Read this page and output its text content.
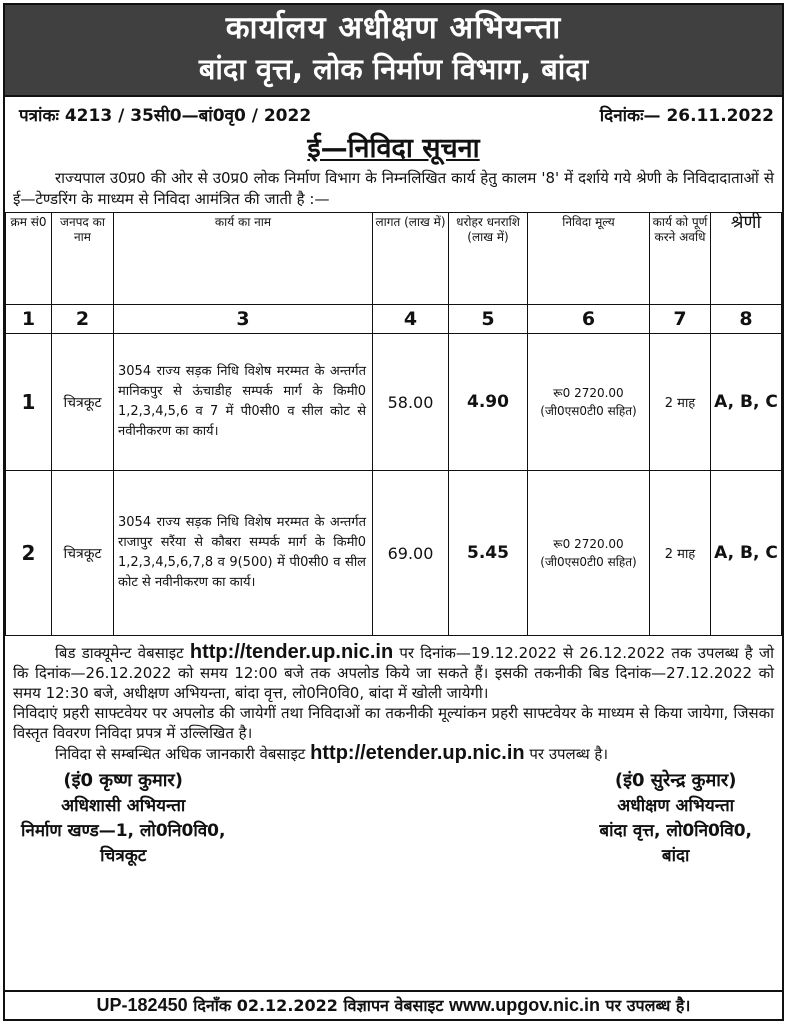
कार्यालय अधीक्षण अभियन्ता
बांदा वृत्त, लोक निर्माण विभाग, बांदा
पत्रांकः 4213 / 35सी0—बां0वृ0 / 2022	दिनांकः— 26.11.2022
ई—निविदा सूचना
राज्यपाल उ0प्र0 की ओर से उ0प्र0 लोक निर्माण विभाग के निम्नलिखित कार्य हेतु कालम '8' में दर्शाये गये श्रेणी के निविदादाताओं से ई—टेण्डरिंग के माध्यम से निविदा आमंत्रित की जाती है :—
क्रम सं0	जनपद का नाम	कार्य का नाम	लागत (लाख में)	धरोहर धनराशि (लाख में)	निविदा मूल्य	कार्य को पूर्ण करने अवधि	श्रेणी
1	2	3	4	5	6	7	8
1	चित्रकूट	3054 राज्य सड़क निधि विशेष मरम्मत के अन्तर्गत मानिकपुर से ऊंचाडीह सम्पर्क मार्ग के किमी0 1,2,3,4,5,6 व 7 में पी0सी0 व सील कोट से नवीनीकरण का कार्य।	58.00	4.90	रू0 2720.00
(जी0एस0टी0 सहित)	2 माह	A, B, C
2	चित्रकूट	3054 राज्य सड़क निधि विशेष मरम्मत के अन्तर्गत राजापुर सरैंया से कौबरा सम्पर्क मार्ग के किमी0 1,2,3,4,5,6,7,8 व 9(500) में पी0सी0 व सील कोट से नवीनीकरण का कार्य।	69.00	5.45	रू0 2720.00
(जी0एस0टी0 सहित)	2 माह	A, B, C

बिड डाक्यूमेन्ट वेबसाइट http://tender.up.nic.in पर दिनांक—19.12.2022 से 26.12.2022 तक उपलब्ध है जो कि दिनांक—26.12.2022 को समय 12:00 बजे तक अपलोड किये जा सकते हैं। इसकी तकनीकी बिड दिनांक—27.12.2022 को समय 12:30 बजे, अधीक्षण अभियन्ता, बांदा वृत्त, लो0नि0वि0, बांदा में खोली जायेगी।

निविदाएं प्रहरी साफ्टवेयर पर अपलोड की जायेगीं तथा निविदाओं का तकनीकी मूल्यांकन प्रहरी साफ्टवेयर के माध्यम से किया जायेगा, जिसका विस्तृत विवरण निविदा प्रपत्र में उल्लिखित है।

निविदा से सम्बन्धित अधिक जानकारी वेबसाइट http://etender.up.nic.in पर उपलब्ध है।

(इं0 कृष्ण कुमार)
अधिशासी अभियन्ता
निर्माण खण्ड—1, लो0नि0वि0,
चित्रकूट
(इं0 सुरेन्द्र कुमार)
अधीक्षण अभियन्ता
बांदा वृत्त, लो0नि0वि0,
बांदा
UP-182450 दिनाँक 02.12.2022 विज्ञापन वेबसाइट www.upgov.nic.in पर उपलब्ध है।
